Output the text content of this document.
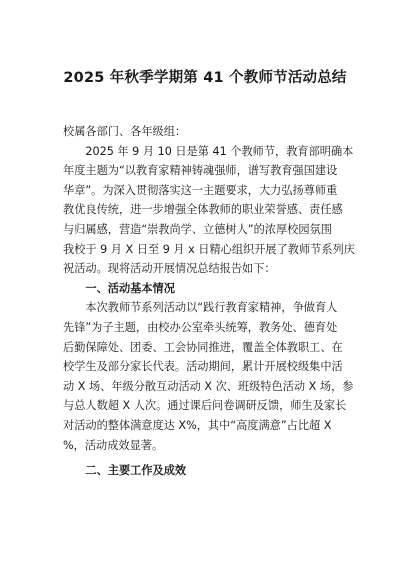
2025 年秋季学期第 41 个教师节活动总结

校属各部门、各年级组：

2025 年 9 月 10 日是第 41 个教师节，教育部明确本
年度主题为“以教育家精神铸魂强师，谱写教育强国建设
华章”。为深入贯彻落实这一主题要求，大力弘扬尊师重
教优良传统，进一步增强全体教师的职业荣誉感、责任感
与归属感，营造“崇教尚学、立德树人”的浓厚校园氛围
我校于 9 月 X 日至 9 月 x 日精心组织开展了教师节系列庆
祝活动。现将活动开展情况总结报告如下：

一、活动基本情况

本次教师节系列活动以“践行教育家精神，争做育人
先锋”为子主题，由校办公室牵头统筹，教务处、德育处
后勤保障处、团委、工会协同推进，覆盖全体教职工、在
校学生及部分家长代表。活动期间，累计开展校级集中活
动 X 场、年级分散互动活动 X 次、班级特色活动 X 场，参
与总人数超 X 人次。通过课后问卷调研反馈，师生及家长
对活动的整体满意度达 X%，其中“高度满意”占比超 X
%，活动成效显著。

二、主要工作及成效
